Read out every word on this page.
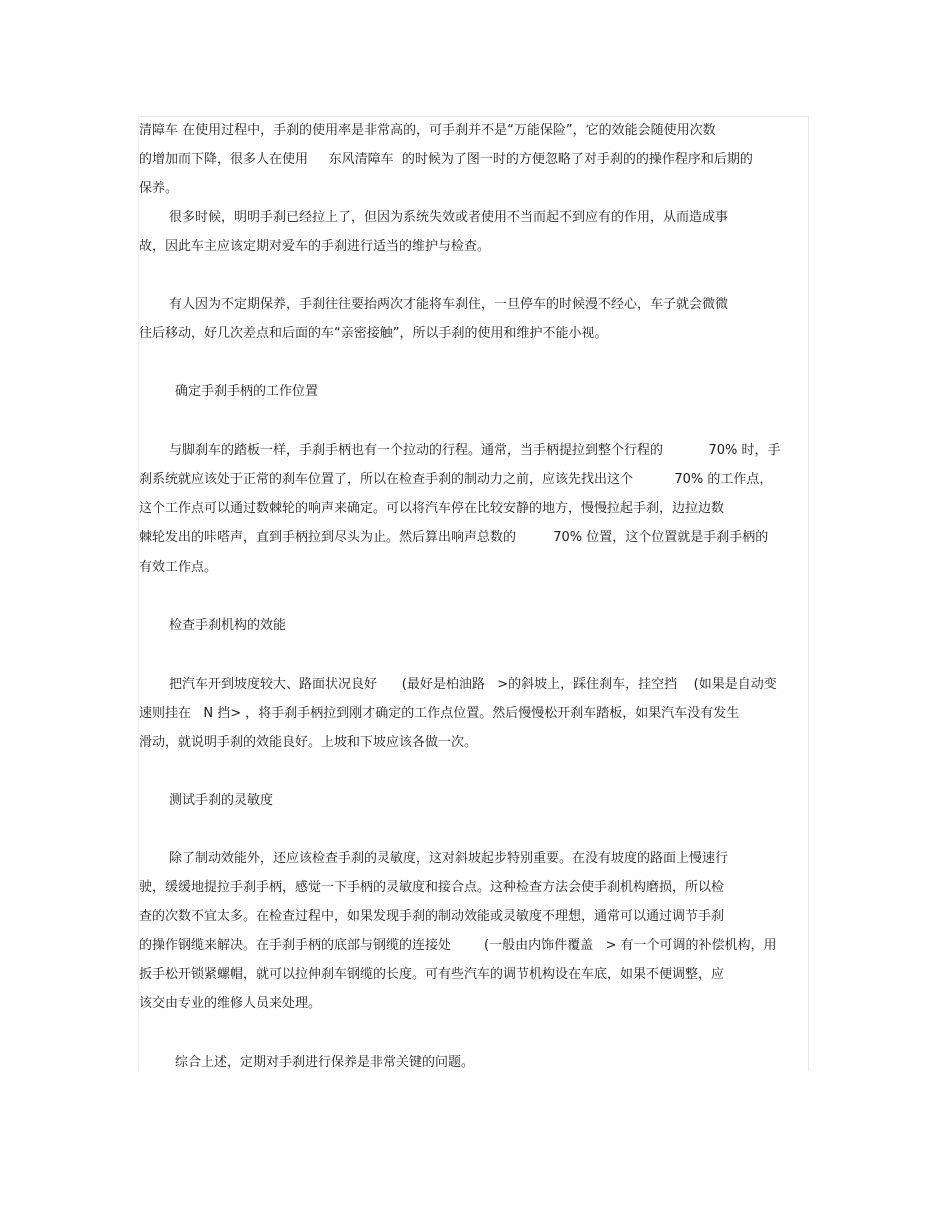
清障车 在使用过程中，手刹的使用率是非常高的，可手刹并不是“万能保险”，它的效能会随使用次数
的增加而下降，很多人在使用     东风清障车  的时候为了图一时的方便忽略了对手刹的的操作程序和后期的
保养。
很多时候，明明手刹已经拉上了，但因为系统失效或者使用不当而起不到应有的作用，从而造成事
故，因此车主应该定期对爱车的手刹进行适当的维护与检查。
有人因为不定期保养，手刹往往要抬两次才能将车刹住，一旦停车的时候漫不经心，车子就会微微
往后移动，好几次差点和后面的车“亲密接触”，所以手刹的使用和维护不能小视。
确定手刹手柄的工作位置
与脚刹车的踏板一样，手刹手柄也有一个拉动的行程。通常，当手柄提拉到整个行程的           70% 时，手
刹系统就应该处于正常的刹车位置了，所以在检查手刹的制动力之前，应该先找出这个          70% 的工作点，
这个工作点可以通过数棘轮的响声来确定。可以将汽车停在比较安静的地方，慢慢拉起手刹，边拉边数
棘轮发出的咔嗒声，直到手柄拉到尽头为止。然后算出响声总数的         70% 位置，这个位置就是手刹手柄的
有效工作点。
检查手刹机构的效能
把汽车开到坡度较大、路面状况良好      (最好是柏油路   >的斜坡上，踩住刹车，挂空挡    (如果是自动变
速则挂在   N 挡> ，将手刹手柄拉到刚才确定的工作点位置。然后慢慢松开刹车踏板，如果汽车没有发生
滑动，就说明手刹的效能良好。上坡和下坡应该各做一次。
测试手刹的灵敏度
除了制动效能外，还应该检查手刹的灵敏度，这对斜坡起步特别重要。在没有坡度的路面上慢速行
驶，缓缓地提拉手刹手柄，感觉一下手柄的灵敏度和接合点。这种检查方法会使手刹机构磨损，所以检
查的次数不宜太多。在检查过程中，如果发现手刹的制动效能或灵敏度不理想，通常可以通过调节手刹
的操作钢缆来解决。在手刹手柄的底部与钢缆的连接处        (一般由内饰件覆盖   > 有一个可调的补偿机构，用
扳手松开锁紧螺帽，就可以拉伸刹车钢缆的长度。可有些汽车的调节机构设在车底，如果不便调整，应
该交由专业的维修人员来处理。
综合上述，定期对手刹进行保养是非常关键的问题。
